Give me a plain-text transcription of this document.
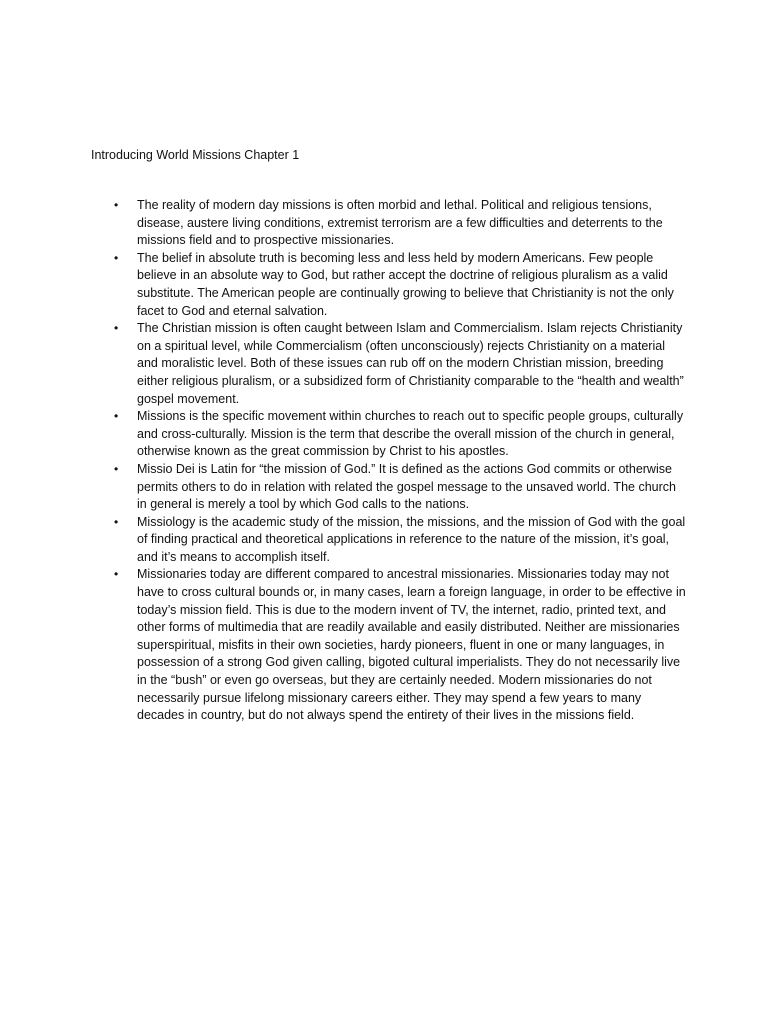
Introducing World Missions Chapter 1
• The reality of modern day missions is often morbid and lethal. Political and religious tensions, disease, austere living conditions, extremist terrorism are a few difficulties and deterrents to the missions field and to prospective missionaries.
• The belief in absolute truth is becoming less and less held by modern Americans. Few people believe in an absolute way to God, but rather accept the doctrine of religious pluralism as a valid substitute. The American people are continually growing to believe that Christianity is not the only facet to God and eternal salvation.
• The Christian mission is often caught between Islam and Commercialism. Islam rejects Christianity on a spiritual level, while Commercialism (often unconsciously) rejects Christianity on a material and moralistic level. Both of these issues can rub off on the modern Christian mission, breeding either religious pluralism, or a subsidized form of Christianity comparable to the “health and wealth” gospel movement.
• Missions is the specific movement within churches to reach out to specific people groups, culturally and cross-culturally. Mission is the term that describe the overall mission of the church in general, otherwise known as the great commission by Christ to his apostles.
• Missio Dei is Latin for “the mission of God.” It is defined as the actions God commits or otherwise permits others to do in relation with related the gospel message to the unsaved world. The church in general is merely a tool by which God calls to the nations.
• Missiology is the academic study of the mission, the missions, and the mission of God with the goal of finding practical and theoretical applications in reference to the nature of the mission, it’s goal, and it’s means to accomplish itself.
• Missionaries today are different compared to ancestral missionaries. Missionaries today may not have to cross cultural bounds or, in many cases, learn a foreign language, in order to be effective in today’s mission field. This is due to the modern invent of TV, the internet, radio, printed text, and other forms of multimedia that are readily available and easily distributed. Neither are missionaries superspiritual, misfits in their own societies, hardy pioneers, fluent in one or many languages, in possession of a strong God given calling, bigoted cultural imperialists. They do not necessarily live in the “bush” or even go overseas, but they are certainly needed. Modern missionaries do not necessarily pursue lifelong missionary careers either. They may spend a few years to many decades in country, but do not always spend the entirety of their lives in the missions field.
